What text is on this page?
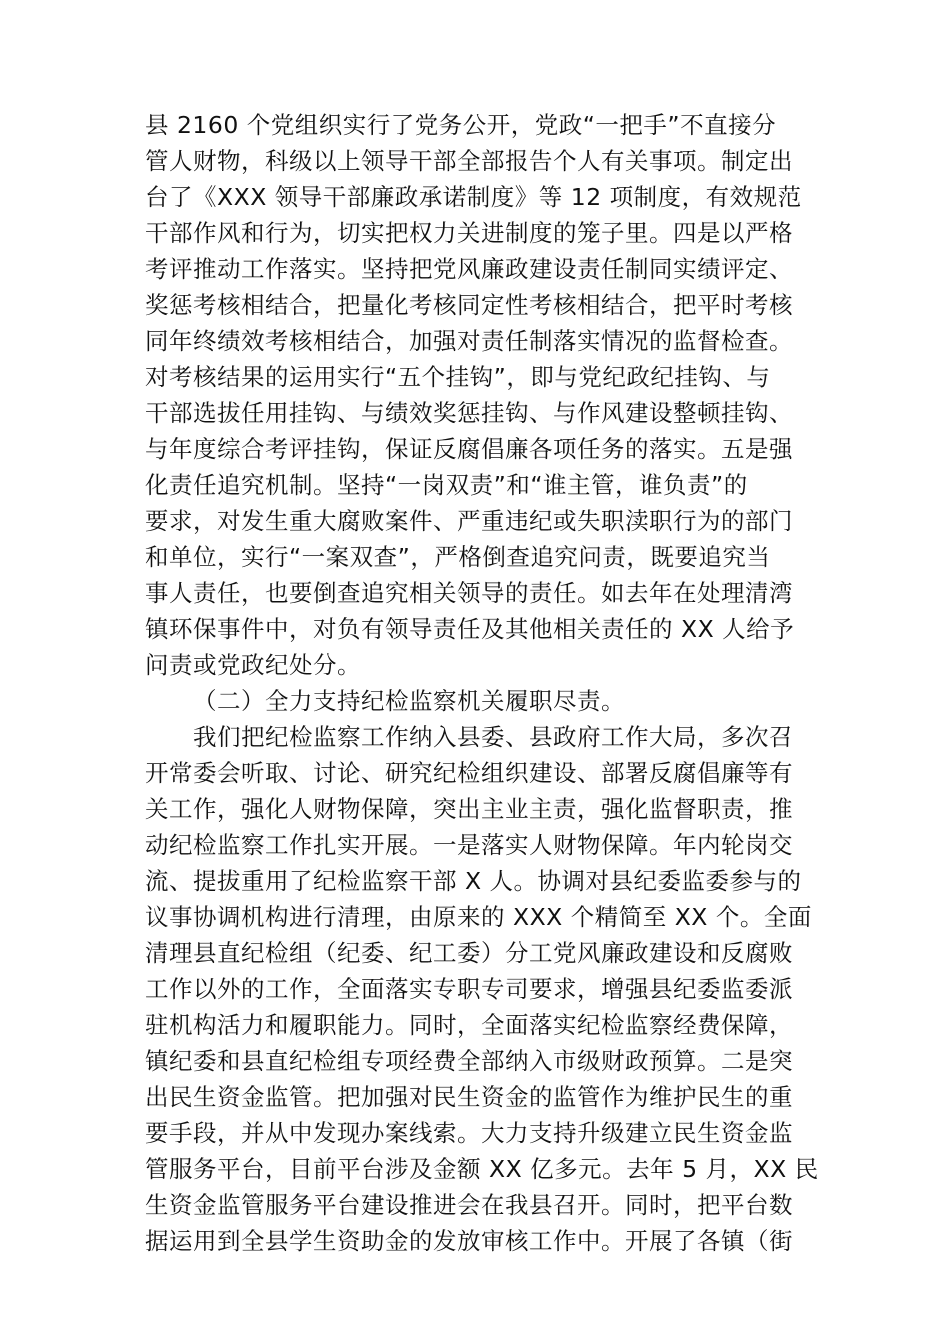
县 2160 个党组织实行了党务公开，党政“一把手”不直接分
管人财物，科级以上领导干部全部报告个人有关事项。制定出
台了《XXX 领导干部廉政承诺制度》等 12 项制度，有效规范
干部作风和行为，切实把权力关进制度的笼子里。四是以严格
考评推动工作落实。坚持把党风廉政建设责任制同实绩评定、
奖惩考核相结合，把量化考核同定性考核相结合，把平时考核
同年终绩效考核相结合，加强对责任制落实情况的监督检查。
对考核结果的运用实行“五个挂钩”，即与党纪政纪挂钩、与
干部选拔任用挂钩、与绩效奖惩挂钩、与作风建设整顿挂钩、
与年度综合考评挂钩，保证反腐倡廉各项任务的落实。五是强
化责任追究机制。坚持“一岗双责”和“谁主管，谁负责”的
要求，对发生重大腐败案件、严重违纪或失职渎职行为的部门
和单位，实行“一案双查”，严格倒查追究问责，既要追究当
事人责任，也要倒查追究相关领导的责任。如去年在处理清湾
镇环保事件中，对负有领导责任及其他相关责任的 XX 人给予
问责或党政纪处分。
（二）全力支持纪检监察机关履职尽责。
我们把纪检监察工作纳入县委、县政府工作大局，多次召
开常委会听取、讨论、研究纪检组织建设、部署反腐倡廉等有
关工作，强化人财物保障，突出主业主责，强化监督职责，推
动纪检监察工作扎实开展。一是落实人财物保障。年内轮岗交
流、提拔重用了纪检监察干部 X 人。协调对县纪委监委参与的
议事协调机构进行清理，由原来的 XXX 个精简至 XX 个。全面
清理县直纪检组（纪委、纪工委）分工党风廉政建设和反腐败
工作以外的工作，全面落实专职专司要求，增强县纪委监委派
驻机构活力和履职能力。同时，全面落实纪检监察经费保障，
镇纪委和县直纪检组专项经费全部纳入市级财政预算。二是突
出民生资金监管。把加强对民生资金的监管作为维护民生的重
要手段，并从中发现办案线索。大力支持升级建立民生资金监
管服务平台，目前平台涉及金额 XX 亿多元。去年 5 月，XX 民
生资金监管服务平台建设推进会在我县召开。同时，把平台数
据运用到全县学生资助金的发放审核工作中。开展了各镇（街
